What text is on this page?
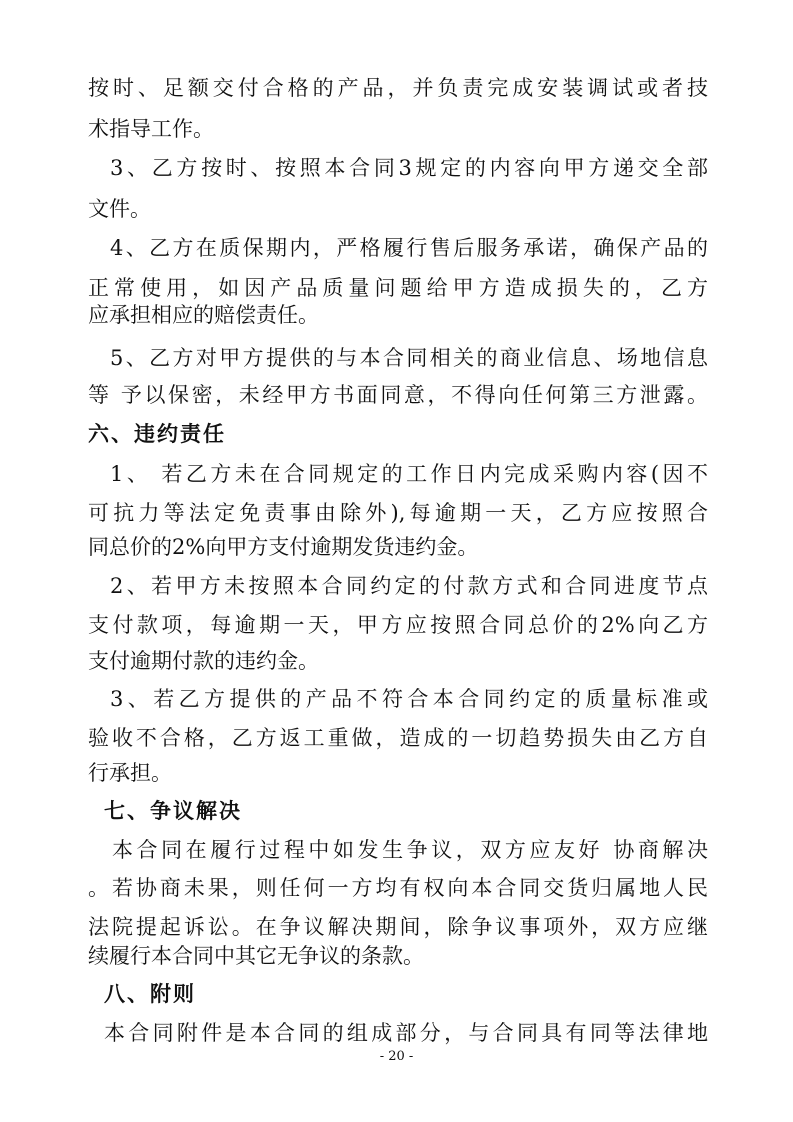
按时、足额交付合格的产品，并负责完成安装调试或者技
术指导工作。
3、乙方按时、按照本合同3规定的内容向甲方递交全部
文件。
4、乙方在质保期内，严格履行售后服务承诺，确保产品的
正常使用，如因产品质量问题给甲方造成损失的，乙方
应承担相应的赔偿责任。
5、乙方对甲方提供的与本合同相关的商业信息、场地信息
等 予以保密，未经甲方书面同意，不得向任何第三方泄露。
六、违约责任
1、 若乙方未在合同规定的工作日内完成采购内容(因不
可抗力等法定免责事由除外),每逾期一天，乙方应按照合
同总价的2%向甲方支付逾期发货违约金。
2、若甲方未按照本合同约定的付款方式和合同进度节点
支付款项，每逾期一天，甲方应按照合同总价的2%向乙方
支付逾期付款的违约金。
3、若乙方提供的产品不符合本合同约定的质量标准或
验收不合格，乙方返工重做，造成的一切趋势损失由乙方自
行承担。
七、争议解决
本合同在履行过程中如发生争议，双方应友好 协商解决
。若协商未果，则任何一方均有权向本合同交货归属地人民
法院提起诉讼。在争议解决期间，除争议事项外，双方应继
续履行本合同中其它无争议的条款。
八、附则
本合同附件是本合同的组成部分，与合同具有同等法律地
- 20 -
